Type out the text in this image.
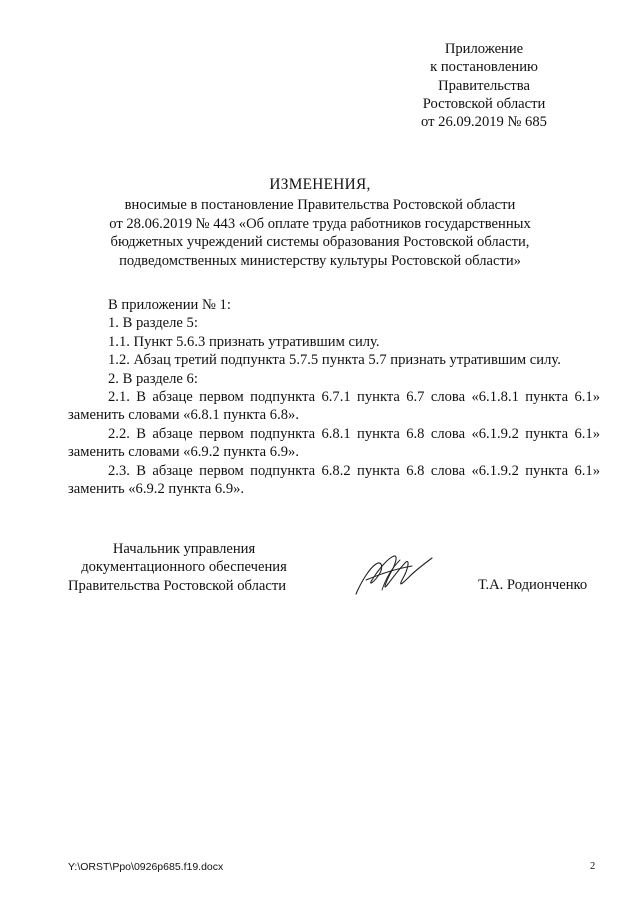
Приложение
к постановлению
Правительства
Ростовской области
от 26.09.2019 № 685
ИЗМЕНЕНИЯ,
вносимые в постановление Правительства Ростовской области
от 28.06.2019 № 443 «Об оплате труда работников государственных
бюджетных учреждений системы образования Ростовской области,
подведомственных министерству культуры Ростовской области»

В приложении № 1:

1. В разделе 5:

1.1. Пункт 5.6.3 признать утратившим силу.

1.2. Абзац третий подпункта 5.7.5 пункта 5.7 признать утратившим силу.

2. В разделе 6:

2.1. В абзаце первом подпункта 6.7.1 пункта 6.7 слова «6.1.8.1 пункта 6.1»

заменить словами «6.8.1 пункта 6.8».

2.2. В абзаце первом подпункта 6.8.1 пункта 6.8 слова «6.1.9.2 пункта 6.1»

заменить словами «6.9.2 пункта 6.9».

2.3. В абзаце первом подпункта 6.8.2 пункта 6.8 слова «6.1.9.2 пункта 6.1»

заменить «6.9.2 пункта 6.9».

Начальник управления
документационного обеспечения
Правительства Ростовской области	Т.А. Родионченко
Y:\ORST\Ppo\0926p685.f19.docx	2
